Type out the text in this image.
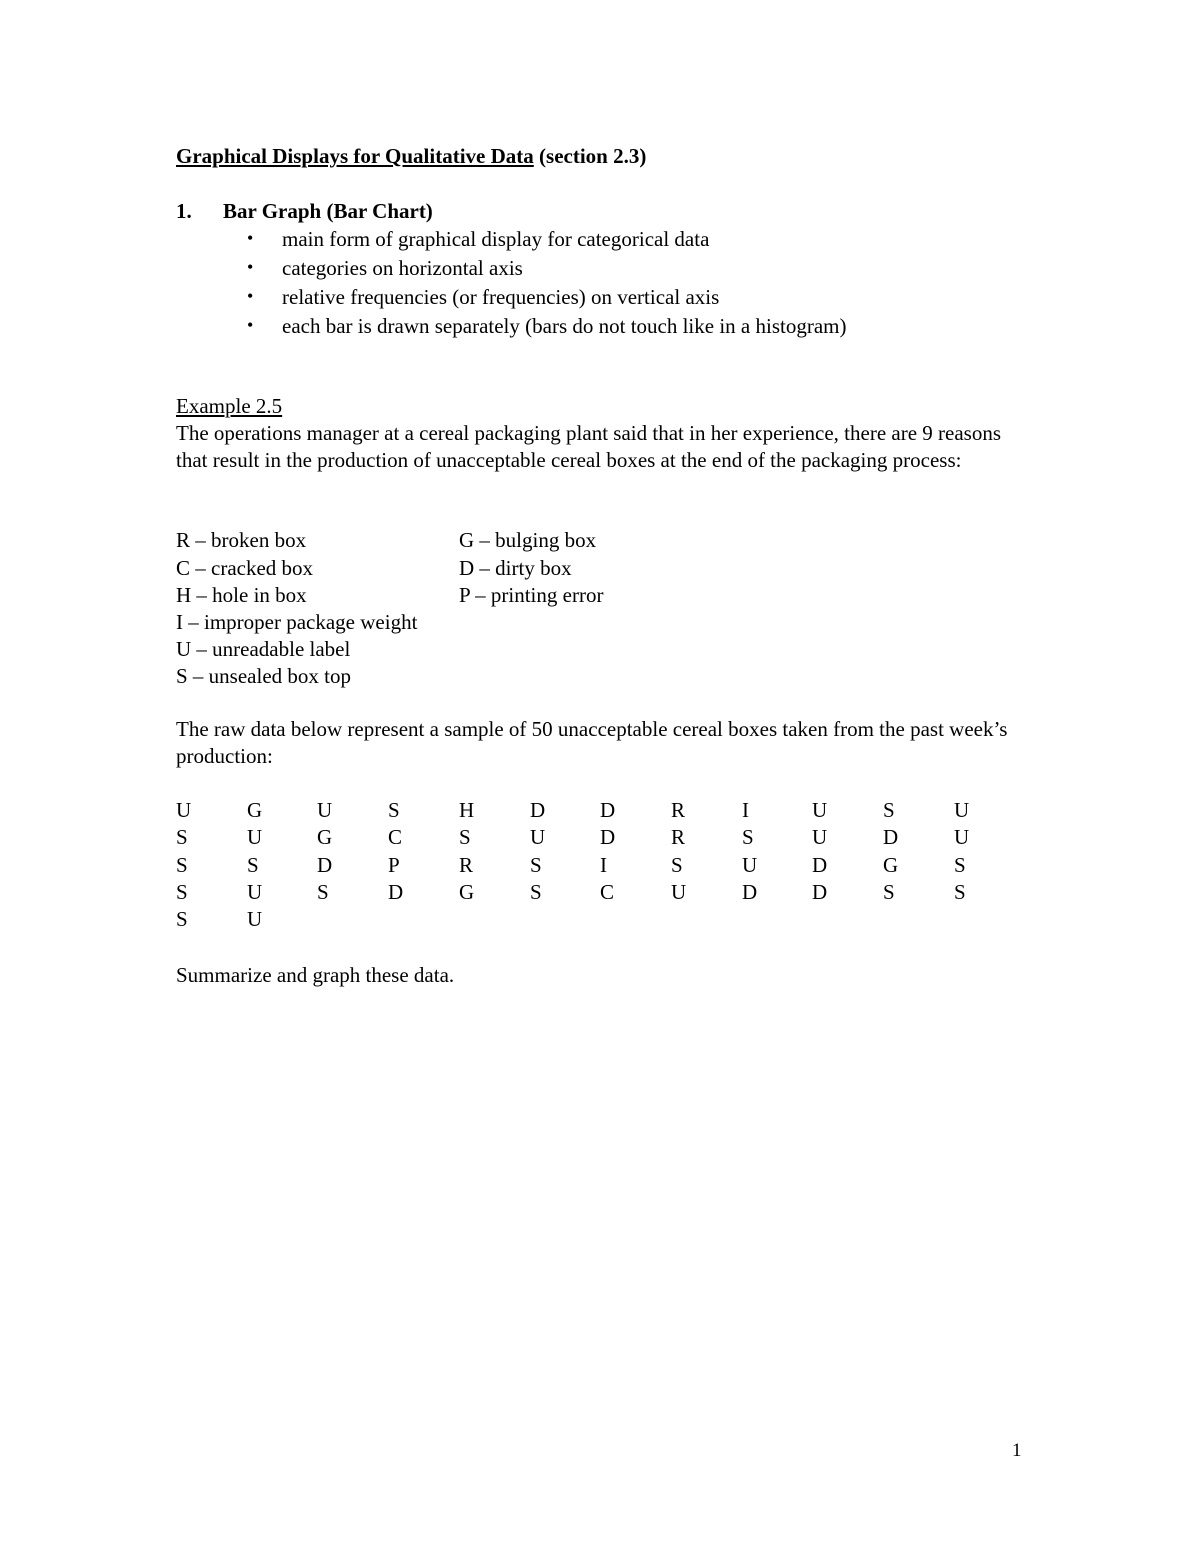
Graphical Displays for Qualitative Data (section 2.3)
1. Bar Graph (Bar Chart)
• main form of graphical display for categorical data
• categories on horizontal axis
• relative frequencies (or frequencies) on vertical axis
• each bar is drawn separately (bars do not touch like in a histogram)
Example 2.5
The operations manager at a cereal packaging plant said that in her experience, there are 9 reasons that result in the production of unacceptable cereal boxes at the end of the packaging process:
R – broken box
C – cracked box
H – hole in box
I – improper package weight
U – unreadable label
S – unsealed box top
G – bulging box
D – dirty box
P – printing error
The raw data below represent a sample of 50 unacceptable cereal boxes taken from the past week’s production:
U	G	U	S	H	D	D	R	I	U	S	U
S	U	G	C	S	U	D	R	S	U	D	U
S	S	D	P	R	S	I	S	U	D	G	S
S	U	S	D	G	S	C	U	D	D	S	S
S	U
Summarize and graph these data.
1
